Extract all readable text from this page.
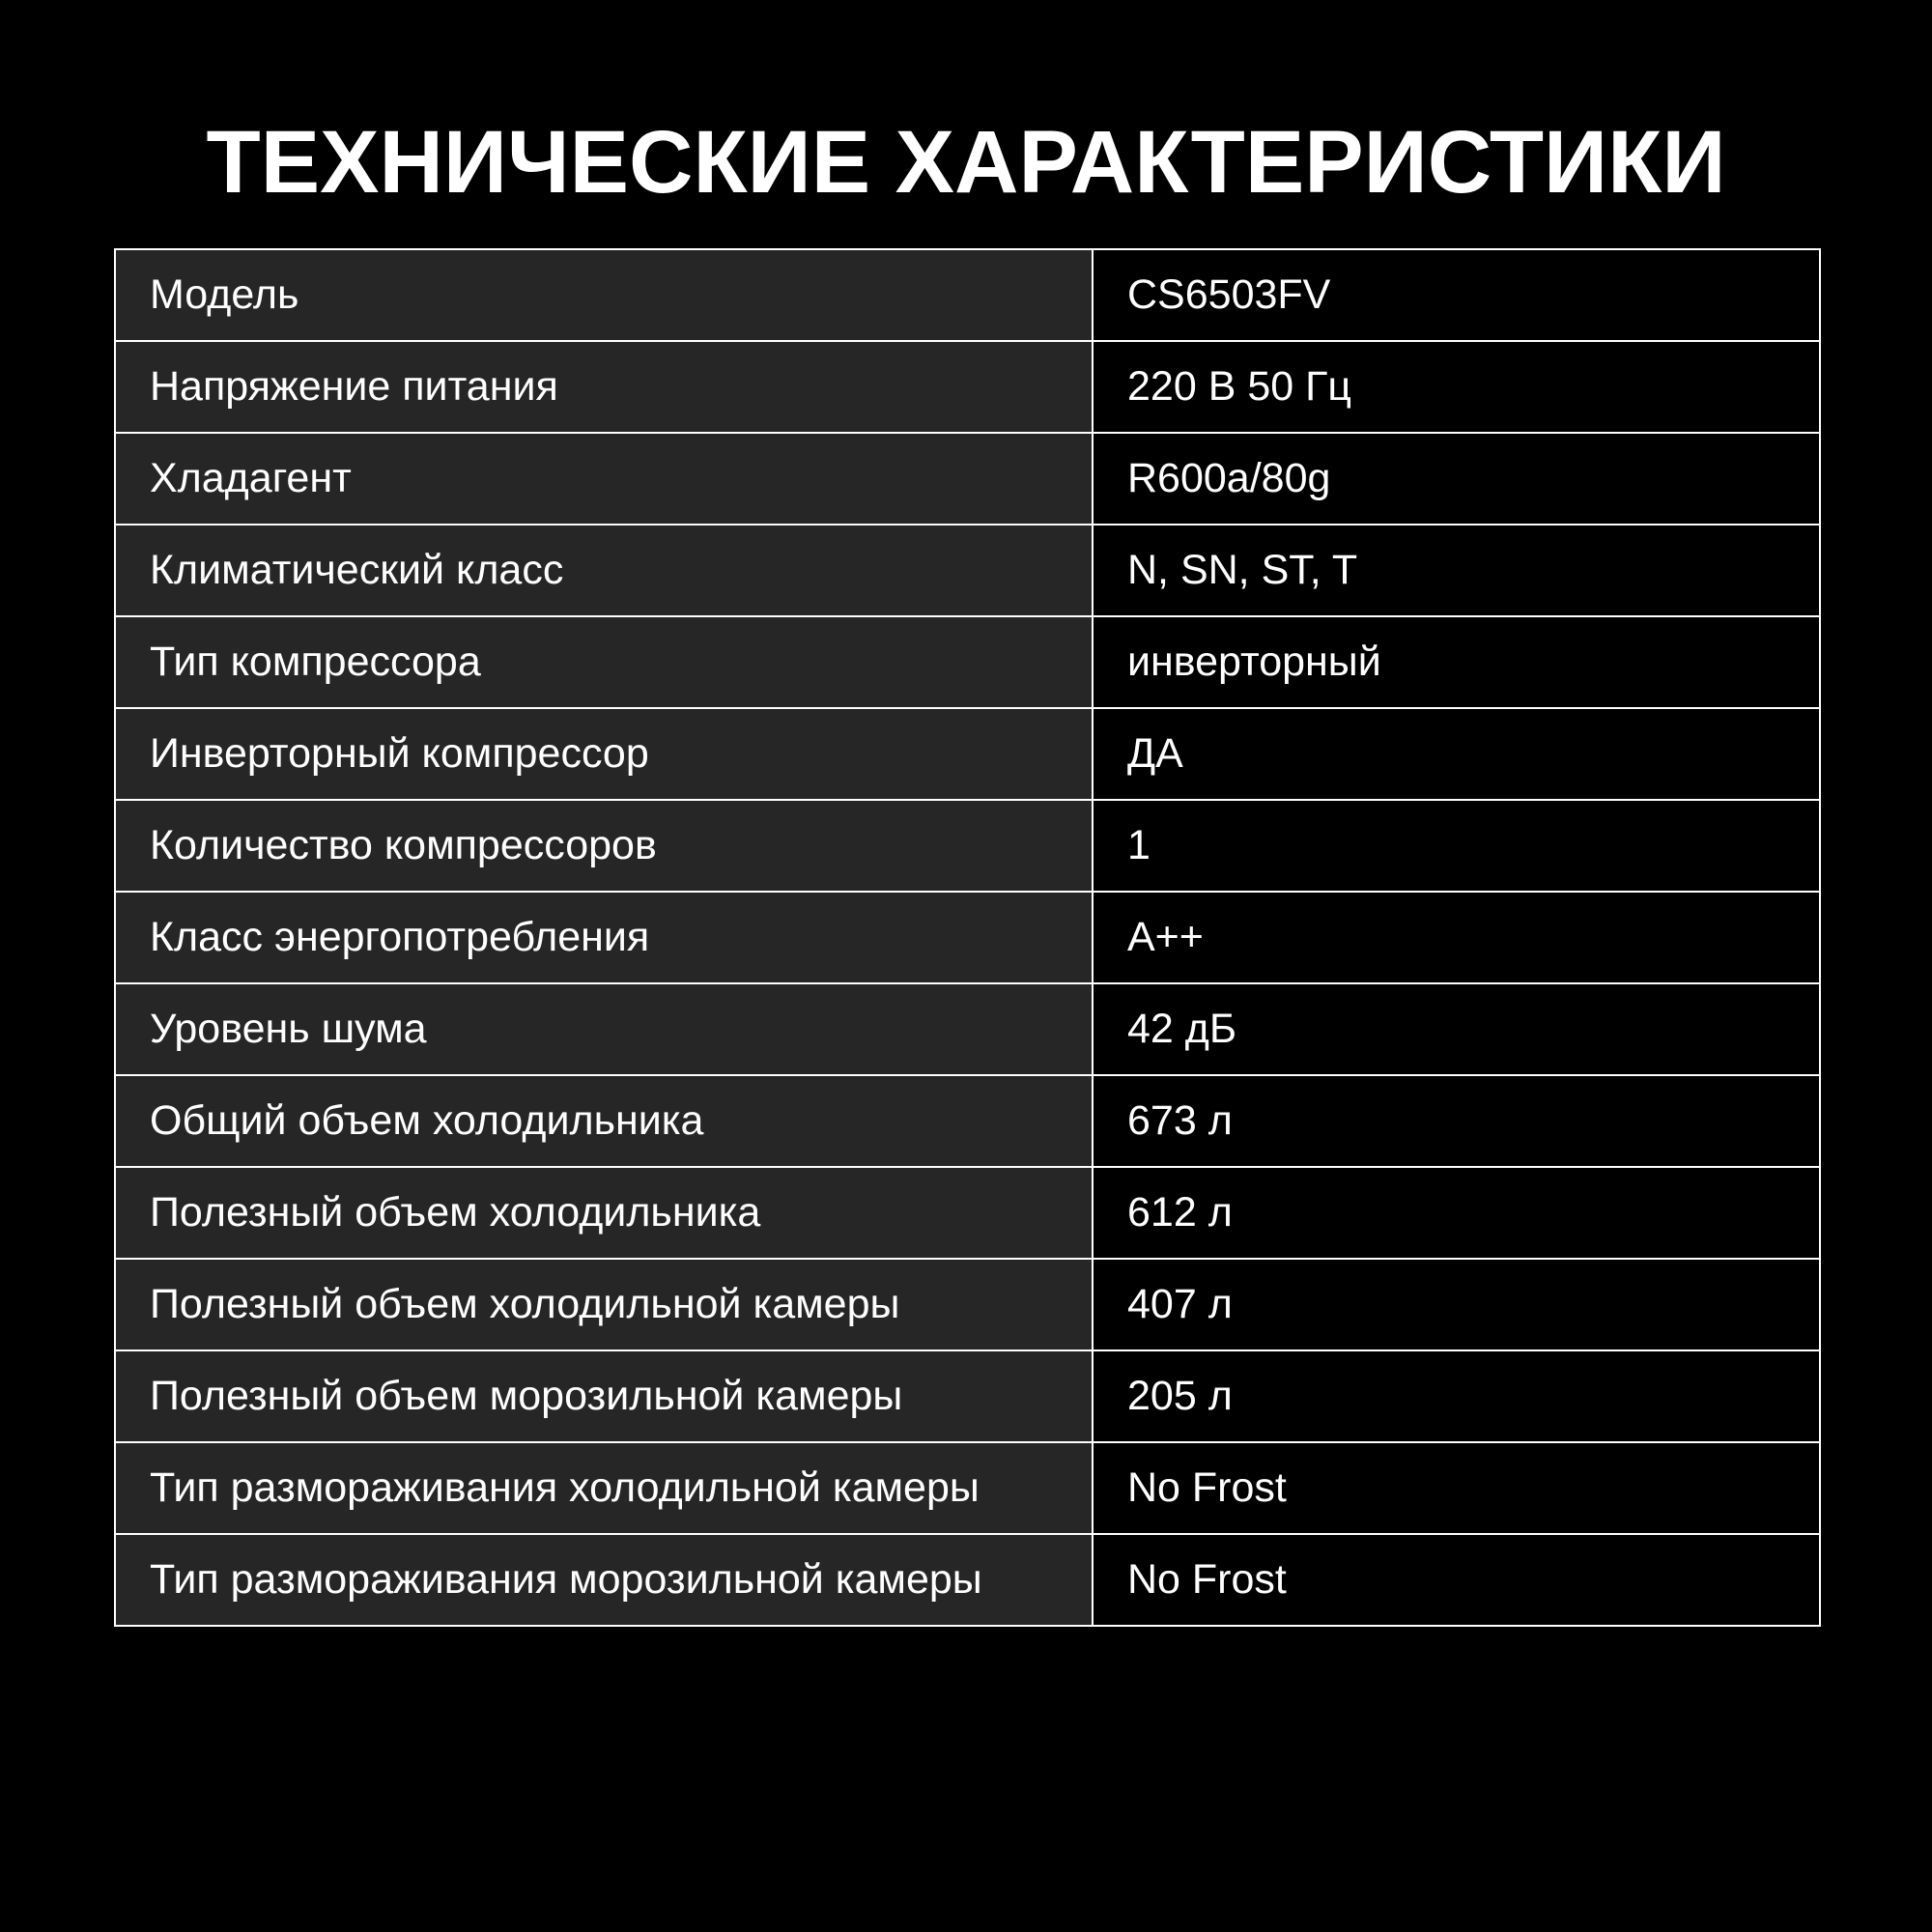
ТЕХНИЧЕСКИЕ ХАРАКТЕРИСТИКИ
Модель	CS6503FV
Напряжение питания	220 В 50 Гц
Хладагент	R600a/80g
Климатический класс	N, SN, ST, T
Тип компрессора	инверторный
Инверторный компрессор	ДА
Количество компрессоров	1
Класс энергопотребления	A++
Уровень шума	42 дБ
Общий объем холодильника	673 л
Полезный объем холодильника	612 л
Полезный объем холодильной камеры	407 л
Полезный объем морозильной камеры	205 л
Тип размораживания холодильной камеры	No Frost
Тип размораживания морозильной камеры	No Frost
